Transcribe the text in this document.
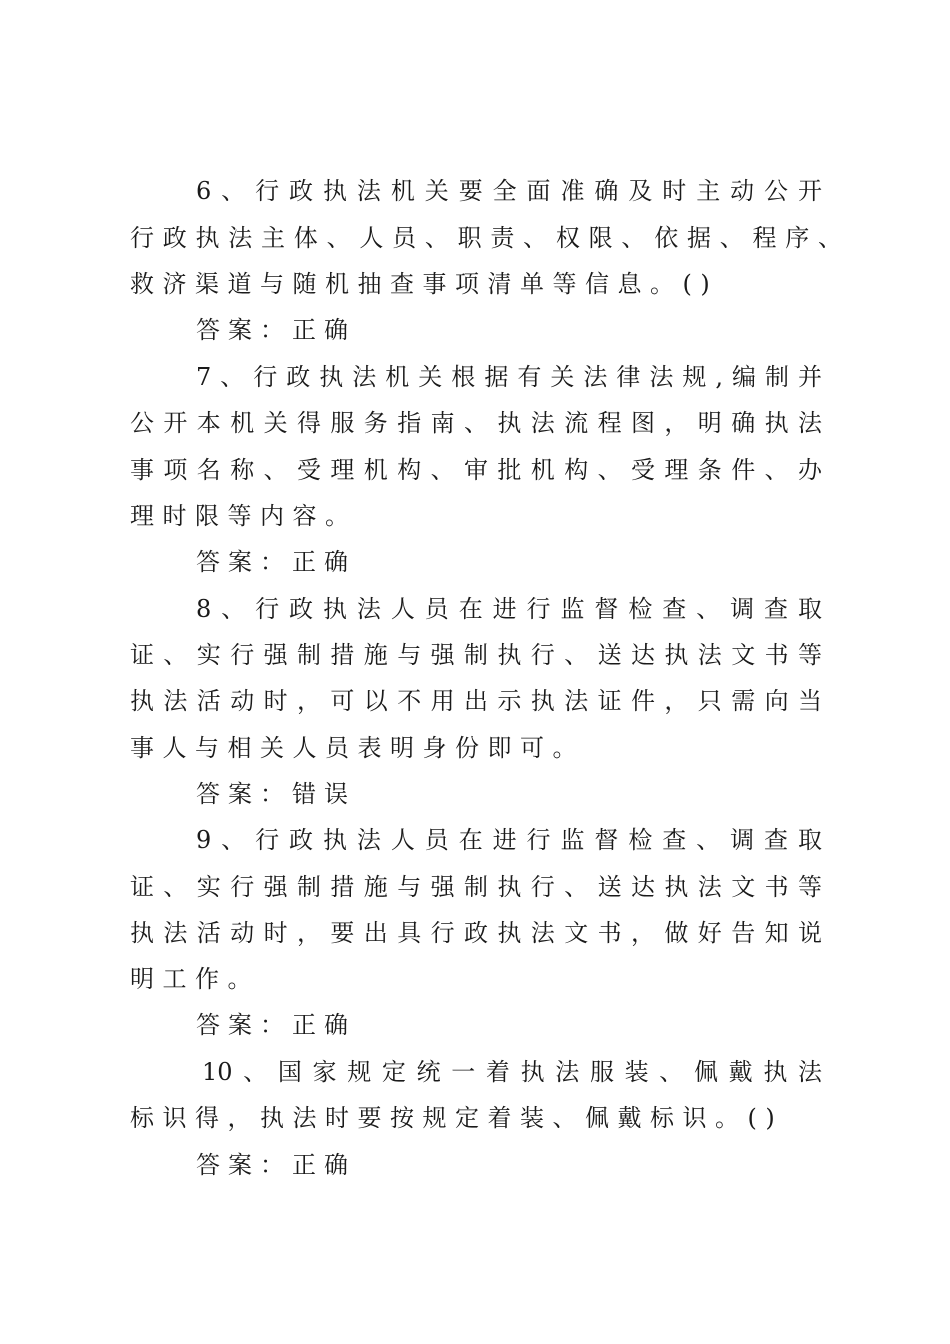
6、行政执法机关要全面准确及时主动公开
行政执法主体、人员、职责、权限、依据、程序、
救济渠道与随机抽查事项清单等信息。()
答案：正确
7、行政执法机关根据有关法律法规,编制并
公开本机关得服务指南、执法流程图，明确执法
事项名称、受理机构、审批机构、受理条件、办
理时限等内容。
答案：正确
8、行政执法人员在进行监督检查、调查取
证、实行强制措施与强制执行、送达执法文书等
执法活动时，可以不用出示执法证件，只需向当
事人与相关人员表明身份即可。
答案：错误
9、行政执法人员在进行监督检查、调查取
证、实行强制措施与强制执行、送达执法文书等
执法活动时，要出具行政执法文书，做好告知说
明工作。
答案：正确
10、国家规定统一着执法服装、佩戴执法
标识得，执法时要按规定着装、佩戴标识。()
答案：正确
